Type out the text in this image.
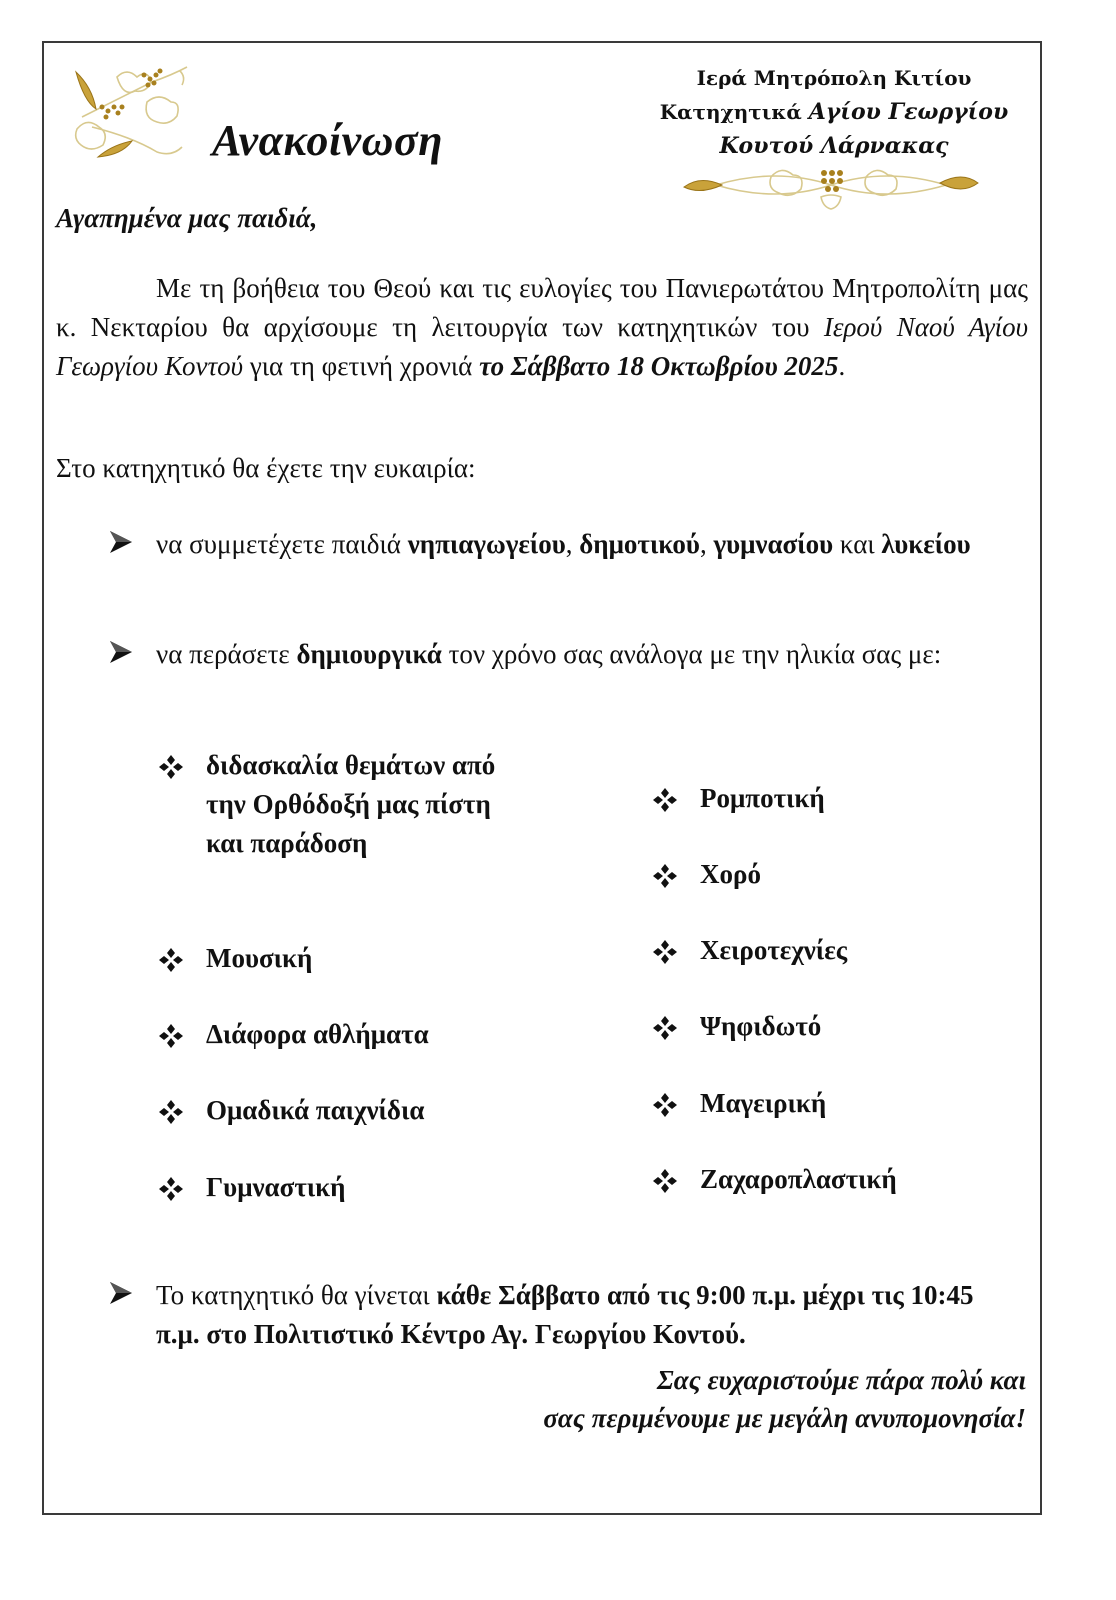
Ανακοίνωση
Ιερά Μητρόπολη Κιτίου
Κατηχητικά Αγίου Γεωργίου
Κουτού Λάρνακας
Αγαπημένα μας παιδιά,

Με τη βοήθεια του Θεού και τις ευλογίες του Πανιερωτάτου Μητροπολίτη μας κ. Νεκταρίου θα αρχίσουμε τη λειτουργία των κατηχητικών του Ιερού Ναού Αγίου Γεωργίου Κοντού για τη φετινή χρονιά το Σάββατο 18 Οκτωβρίου 2025.

Στο κατηχητικό θα έχετε την ευκαιρία:
να συμμετέχετε παιδιά νηπιαγωγείου, δημοτικού, γυμνασίου και λυκείου
να περάσετε δημιουργικά τον χρόνο σας ανάλογα με την ηλικία σας με:
διδασκαλία θεμάτων από την Ορθόδοξή μας πίστη και παράδοση
Μουσική
Διάφορα αθλήματα
Ομαδικά παιχνίδια
Γυμναστική
Ρομποτική
Χορό
Χειροτεχνίες
Ψηφιδωτό
Μαγειρική
Ζαχαροπλαστική
Το κατηχητικό θα γίνεται κάθε Σάββατο από τις 9:00 π.μ. μέχρι τις 10:45 π.μ. στο Πολιτιστικό Κέντρο Αγ. Γεωργίου Κοντού.
Σας ευχαριστούμε πάρα πολύ και
σας περιμένουμε με μεγάλη ανυπομονησία!
